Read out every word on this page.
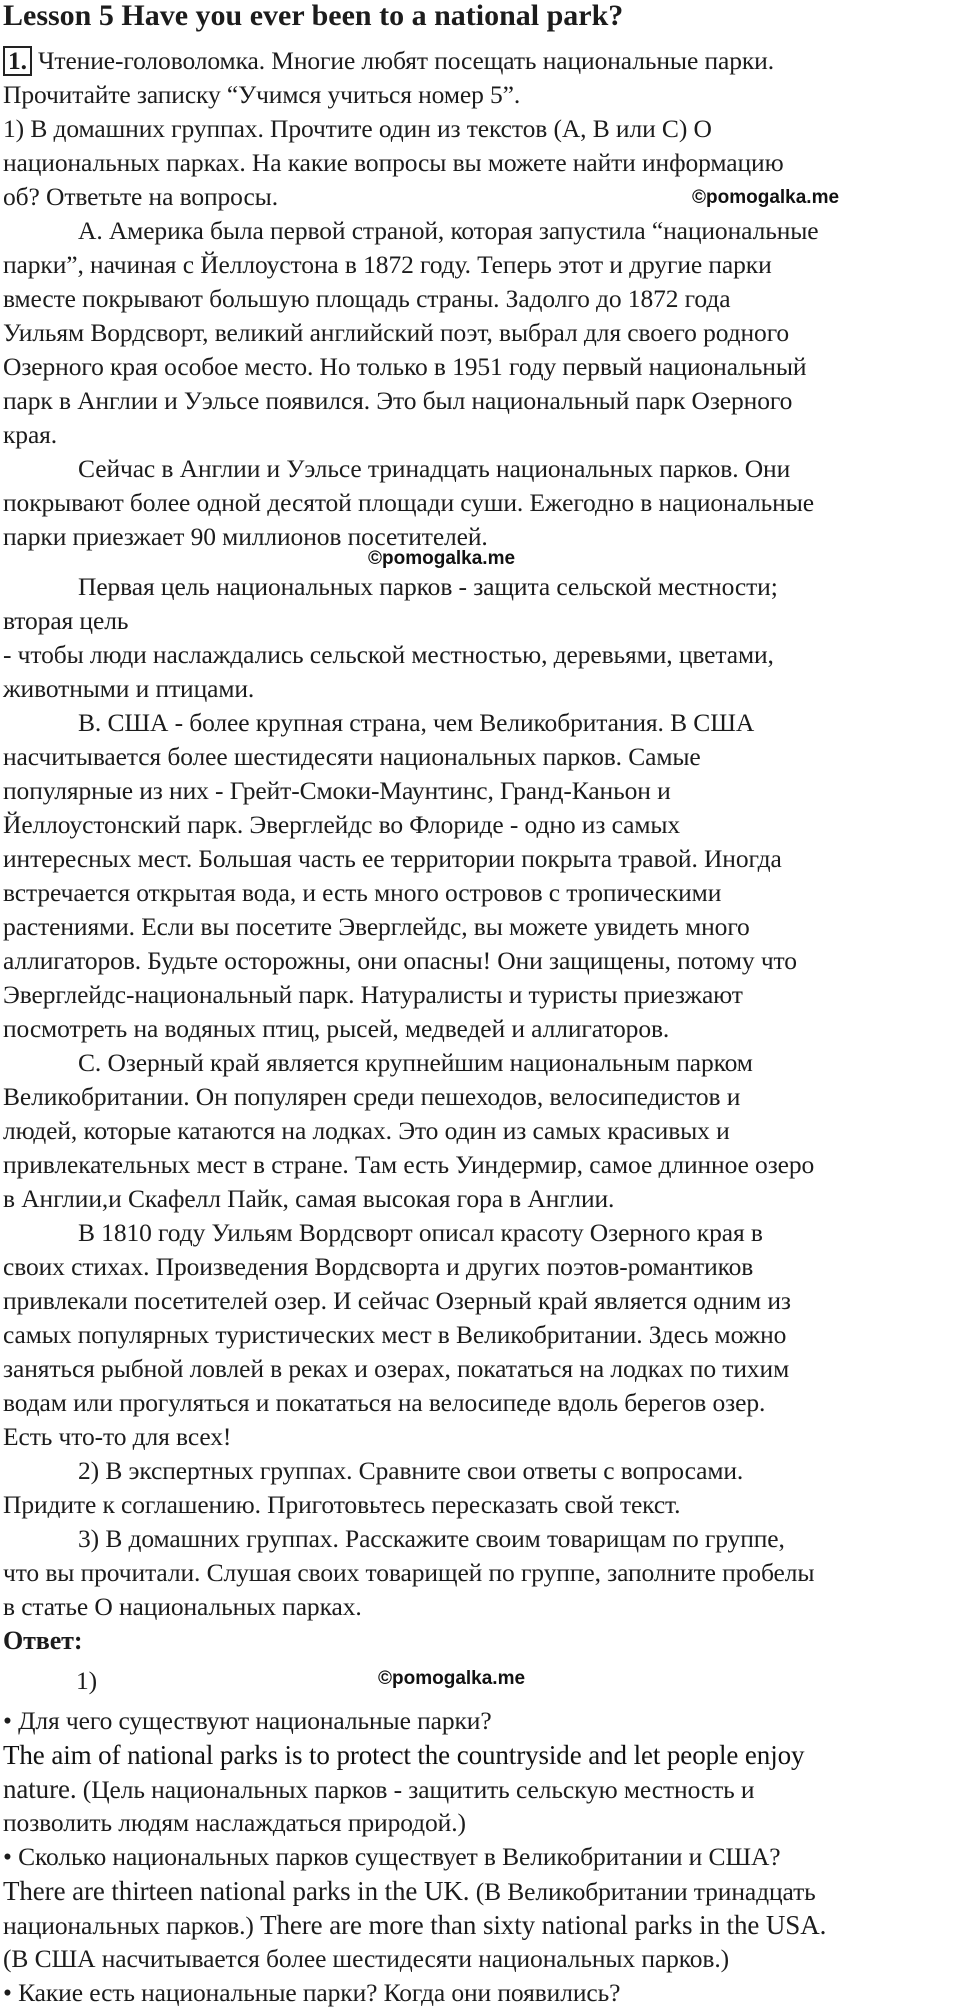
Lesson 5 Have you ever been to a national park?
1. Чтение-головоломка. Многие любят посещать национальные парки.
Прочитайте записку “Учимся учиться номер 5”.
1) В домашних группах. Прочтите один из текстов (A, B или C) О
национальных парках. На какие вопросы вы можете найти информацию
об? Ответьте на вопросы.	©pomogalka.me
A. Америка была первой страной, которая запустила “национальные
парки”, начиная с Йеллоустона в 1872 году. Теперь этот и другие парки
вместе покрывают большую площадь страны. Задолго до 1872 года
Уильям Вордсворт, великий английский поэт, выбрал для своего родного
Озерного края особое место. Но только в 1951 году первый национальный
парк в Англии и Уэльсе появился. Это был национальный парк Озерного
края.
Сейчас в Англии и Уэльсе тринадцать национальных парков. Они
покрывают более одной десятой площади суши. Ежегодно в национальные
парки приезжает 90 миллионов посетителей.
©pomogalka.me
Первая цель национальных парков - защита сельской местности;
вторая цель
- чтобы люди наслаждались сельской местностью, деревьями, цветами,
животными и птицами.
B. США - более крупная страна, чем Великобритания. В США
насчитывается более шестидесяти национальных парков. Самые
популярные из них - Грейт-Смоки-Маунтинс, Гранд-Каньон и
Йеллоустонский парк. Эверглейдс во Флориде - одно из самых
интересных мест. Большая часть ее территории покрыта травой. Иногда
встречается открытая вода, и есть много островов с тропическими
растениями. Если вы посетите Эверглейдс, вы можете увидеть много
аллигаторов. Будьте осторожны, они опасны! Они защищены, потому что
Эверглейдс-национальный парк. Натуралисты и туристы приезжают
посмотреть на водяных птиц, рысей, медведей и аллигаторов.
C. Озерный край является крупнейшим национальным парком
Великобритании. Он популярен среди пешеходов, велосипедистов и
людей, которые катаются на лодках. Это один из самых красивых и
привлекательных мест в стране. Там есть Уиндермир, самое длинное озеро
в Англии,и Скафелл Пайк, самая высокая гора в Англии.
В 1810 году Уильям Вордсворт описал красоту Озерного края в
своих стихах. Произведения Вордсворта и других поэтов-романтиков
привлекали посетителей озер. И сейчас Озерный край является одним из
самых популярных туристических мест в Великобритании. Здесь можно
заняться рыбной ловлей в реках и озерах, покататься на лодках по тихим
водам или прогуляться и покататься на велосипеде вдоль берегов озер.
Есть что-то для всех!
2) В экспертных группах. Сравните свои ответы с вопросами.
Придите к соглашению. Приготовьтесь пересказать свой текст.
3) В домашних группах. Расскажите своим товарищам по группе,
что вы прочитали. Слушая своих товарищей по группе, заполните пробелы
в статье О национальных парках.
Ответ:
1)	©pomogalka.me
• Для чего существуют национальные парки?
The aim of national parks is to protect the countryside and let people enjoy
nature. (Цель национальных парков - защитить сельскую местность и
позволить людям наслаждаться природой.)
• Сколько национальных парков существует в Великобритании и США?
There are thirteen national parks in the UK. (В Великобритании тринадцать
национальных парков.) There are more than sixty national parks in the USA.
(В США насчитывается более шестидесяти национальных парков.)
• Какие есть национальные парки? Когда они появились?
